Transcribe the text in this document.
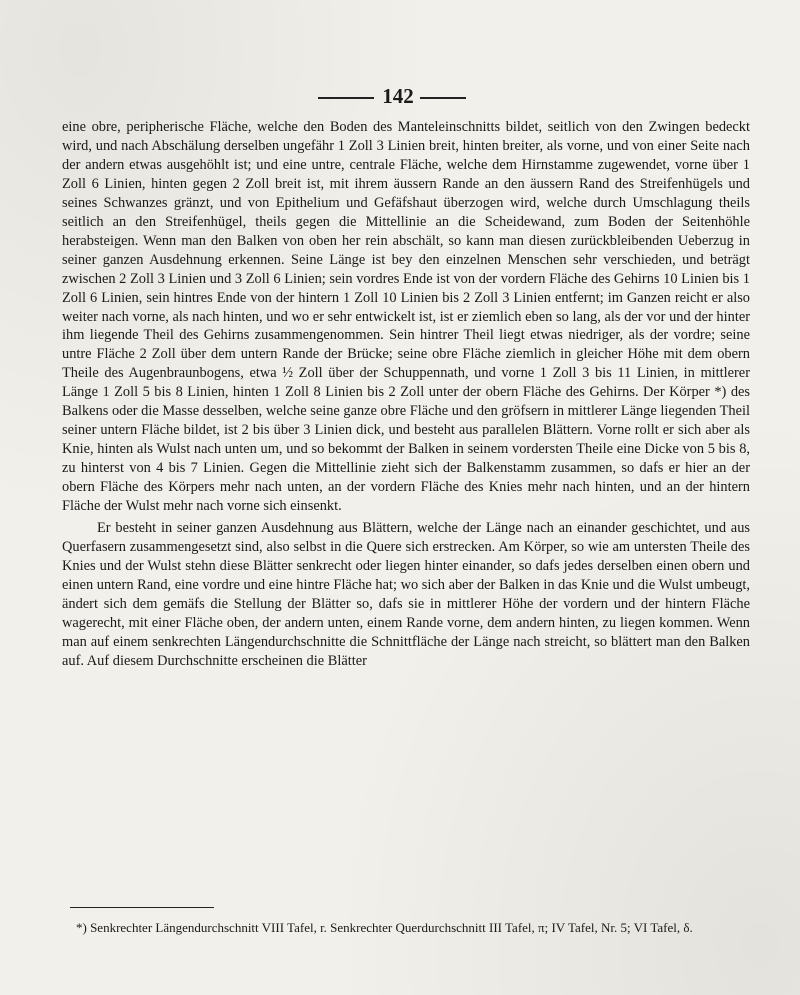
142

eine obre, peripherische Fläche, welche den Boden des Manteleinschnitts bildet, seitlich von den Zwingen bedeckt wird, und nach Abschälung derselben ungefähr 1 Zoll 3 Linien breit, hinten breiter, als vorne, und von einer Seite nach der andern etwas ausgehöhlt ist; und eine untre, centrale Fläche, welche dem Hirnstamme zugewendet, vorne über 1 Zoll 6 Linien, hinten gegen 2 Zoll breit ist, mit ihrem äussern Rande an den äussern Rand des Streifenhügels und seines Schwanzes gränzt, und von Epithelium und Gefäfshaut überzogen wird, welche durch Umschlagung theils seitlich an den Streifenhügel, theils gegen die Mittellinie an die Scheidewand, zum Boden der Seitenhöhle herabsteigen. Wenn man den Balken von oben her rein abschält, so kann man diesen zurückbleibenden Ueberzug in seiner ganzen Ausdehnung erkennen. Seine Länge ist bey den einzelnen Menschen sehr verschieden, und beträgt zwischen 2 Zoll 3 Linien und 3 Zoll 6 Linien; sein vordres Ende ist von der vordern Fläche des Gehirns 10 Linien bis 1 Zoll 6 Linien, sein hintres Ende von der hintern 1 Zoll 10 Linien bis 2 Zoll 3 Linien entfernt; im Ganzen reicht er also weiter nach vorne, als nach hinten, und wo er sehr entwickelt ist, ist er ziemlich eben so lang, als der vor und der hinter ihm liegende Theil des Gehirns zusammengenommen. Sein hintrer Theil liegt etwas niedriger, als der vordre; seine untre Fläche 2 Zoll über dem untern Rande der Brücke; seine obre Fläche ziemlich in gleicher Höhe mit dem obern Theile des Augenbraunbogens, etwa ½ Zoll über der Schuppennath, und vorne 1 Zoll 3 bis 11 Linien, in mittlerer Länge 1 Zoll 5 bis 8 Linien, hinten 1 Zoll 8 Linien bis 2 Zoll unter der obern Fläche des Gehirns. Der Körper *) des Balkens oder die Masse desselben, welche seine ganze obre Fläche und den gröfsern in mittlerer Länge liegenden Theil seiner untern Fläche bildet, ist 2 bis über 3 Linien dick, und besteht aus parallelen Blättern. Vorne rollt er sich aber als Knie, hinten als Wulst nach unten um, und so bekommt der Balken in seinem vordersten Theile eine Dicke von 5 bis 8, zu hinterst von 4 bis 7 Linien. Gegen die Mittellinie zieht sich der Balkenstamm zusammen, so dafs er hier an der obern Fläche des Körpers mehr nach unten, an der vordern Fläche des Knies mehr nach hinten, und an der hintern Fläche der Wulst mehr nach vorne sich einsenkt.

Er besteht in seiner ganzen Ausdehnung aus Blättern, welche der Länge nach an einander geschichtet, und aus Querfasern zusammengesetzt sind, also selbst in die Quere sich erstrecken. Am Körper, so wie am untersten Theile des Knies und der Wulst stehn diese Blätter senkrecht oder liegen hinter einander, so dafs jedes derselben einen obern und einen untern Rand, eine vordre und eine hintre Fläche hat; wo sich aber der Balken in das Knie und die Wulst umbeugt, ändert sich dem gemäfs die Stellung der Blätter so, dafs sie in mittlerer Höhe der vordern und der hintern Fläche wagerecht, mit einer Fläche oben, der andern unten, einem Rande vorne, dem andern hinten, zu liegen kommen. Wenn man auf einem senkrechten Längendurchschnitte die Schnittfläche der Länge nach streicht, so blättert man den Balken auf. Auf diesem Durchschnitte erscheinen die Blätter

*) Senkrechter Längendurchschnitt VIII Tafel, r. Senkrechter Querdurchschnitt III Tafel, π; IV Tafel, Nr. 5; VI Tafel, δ.
